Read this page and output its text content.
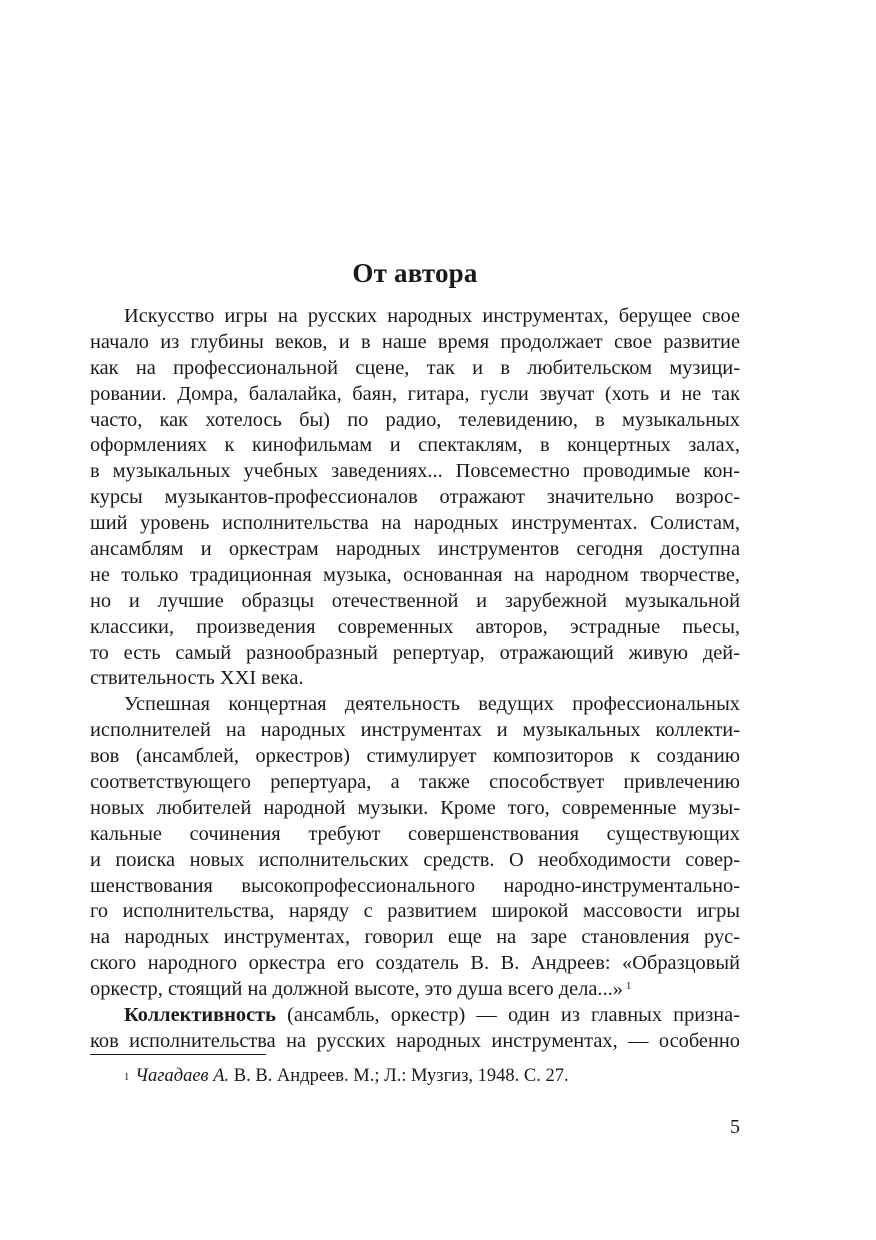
От автора
Искусство игры на русских народных инструментах, берущее свое
начало из глубины веков, и в наше время продолжает свое развитие
как на профессиональной сцене, так и в любительском музици-
ровании. Домра, балалайка, баян, гитара, гусли звучат (хоть и не так
часто, как хотелось бы) по радио, телевидению, в музыкальных
оформлениях к кинофильмам и спектаклям, в концертных залах,
в музыкальных учебных заведениях... Повсеместно проводимые кон-
курсы музыкантов-профессионалов отражают значительно возрос-
ший уровень исполнительства на народных инструментах. Солистам,
ансамблям и оркестрам народных инструментов сегодня доступна
не только традиционная музыка, основанная на народном творчестве,
но и лучшие образцы отечественной и зарубежной музыкальной
классики, произведения современных авторов, эстрадные пьесы,
то есть самый разнообразный репертуар, отражающий живую дей-
ствительность XXI века.
Успешная концертная деятельность ведущих профессиональных
исполнителей на народных инструментах и музыкальных коллекти-
вов (ансамблей, оркестров) стимулирует композиторов к созданию
соответствующего репертуара, а также способствует привлечению
новых любителей народной музыки. Кроме того, современные музы-
кальные сочинения требуют совершенствования существующих
и поиска новых исполнительских средств. О необходимости совер-
шенствования высокопрофессионального народно-инструментально-
го исполнительства, наряду с развитием широкой массовости игры
на народных инструментах, говорил еще на заре становления рус-
ского народного оркестра его создатель В. В. Андреев: «Образцовый
оркестр, стоящий на должной высоте, это душа всего дела...» $^1$
Коллективность (ансамбль, оркестр) — один из главных призна-
ков исполнительства на русских народных инструментах, — особенно
$^1$ Чагадаев А. В. В. Андреев. М.; Л.: Музгиз, 1948. С. 27.
5
